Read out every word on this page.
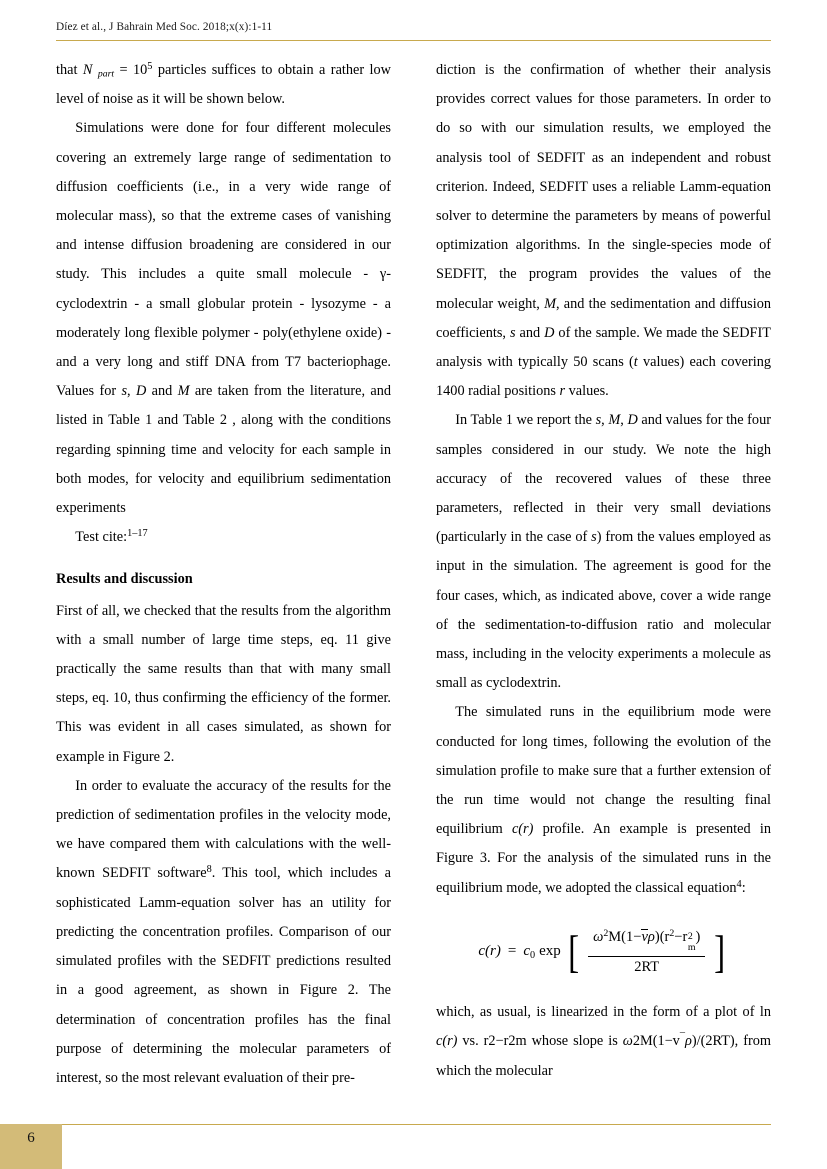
Díez et al., J Bahrain Med Soc. 2018;x(x):1-11

that N part = 10$^5$ particles suffices to obtain a rather low level of noise as it will be shown below.

Simulations were done for four different molecules covering an extremely large range of sedimentation to diffusion coefficients (i.e., in a very wide range of molecular mass), so that the extreme cases of vanishing and intense diffusion broadening are considered in our study. This includes a quite small molecule - γ-cyclodextrin - a small globular protein - lysozyme - a moderately long flexible polymer - poly(ethylene oxide) - and a very long and stiff DNA from T7 bacteriophage. Values for s, D and M are taken from the literature, and listed in Table 1 and Table 2 , along with the conditions regarding spinning time and velocity for each sample in both modes, for velocity and equilibrium sedimentation experiments

Test cite:$^{1-17}$

Results and discussion

First of all, we checked that the results from the algorithm with a small number of large time steps, eq. 11 give practically the same results than that with many small steps, eq. 10, thus confirming the efficiency of the former. This was evident in all cases simulated, as shown for example in Figure 2.

In order to evaluate the accuracy of the results for the prediction of sedimentation profiles in the velocity mode, we have compared them with calculations with the well-known SEDFIT software$^8$. This tool, which includes a sophisticated Lamm-equation solver has an utility for predicting the concentration profiles. Comparison of our simulated profiles with the SEDFIT predictions resulted in a good agreement, as shown in Figure 2. The determination of concentration profiles has the final purpose of determining the molecular parameters of interest, so the most relevant evaluation of their pre-

diction is the confirmation of whether their analysis provides correct values for those parameters. In order to do so with our simulation results, we employed the analysis tool of SEDFIT as an independent and robust criterion. Indeed, SEDFIT uses a reliable Lamm-equation solver to determine the parameters by means of powerful optimization algorithms. In the single-species mode of SEDFIT, the program provides the values of the molecular weight, M, and the sedimentation and diffusion coefficients, s and D of the sample. We made the SEDFIT analysis with typically 50 scans (t values) each covering 1400 radial positions r values.

In Table 1 we report the s, M, D and values for the four samples considered in our study. We note the high accuracy of the recovered values of these three parameters, reflected in their very small deviations (particularly in the case of s) from the values employed as input in the simulation. The agreement is good for the four cases, which, as indicated above, cover a wide range of the sedimentation-to-diffusion ratio and molecular mass, including in the velocity experiments a molecule as small as cyclodextrin.

The simulated runs in the equilibrium mode were conducted for long times, following the evolution of the simulation profile to make sure that a further extension of the run time would not change the resulting final equilibrium c(r) profile. An example is presented in Figure 3. For the analysis of the simulated runs in the equilibrium mode, we adopted the classical equation$^4$:

c(r) = c0 exp [ $\omega^2M(1-\nu\rho)(r^2-r$ 2
m
)
2RT ]

which, as usual, is linearized in the form of a plot of ln c(r) vs. r2−r2m whose slope is ω2M(1−v¯ρ)/(2RT), from which the molecular

6
